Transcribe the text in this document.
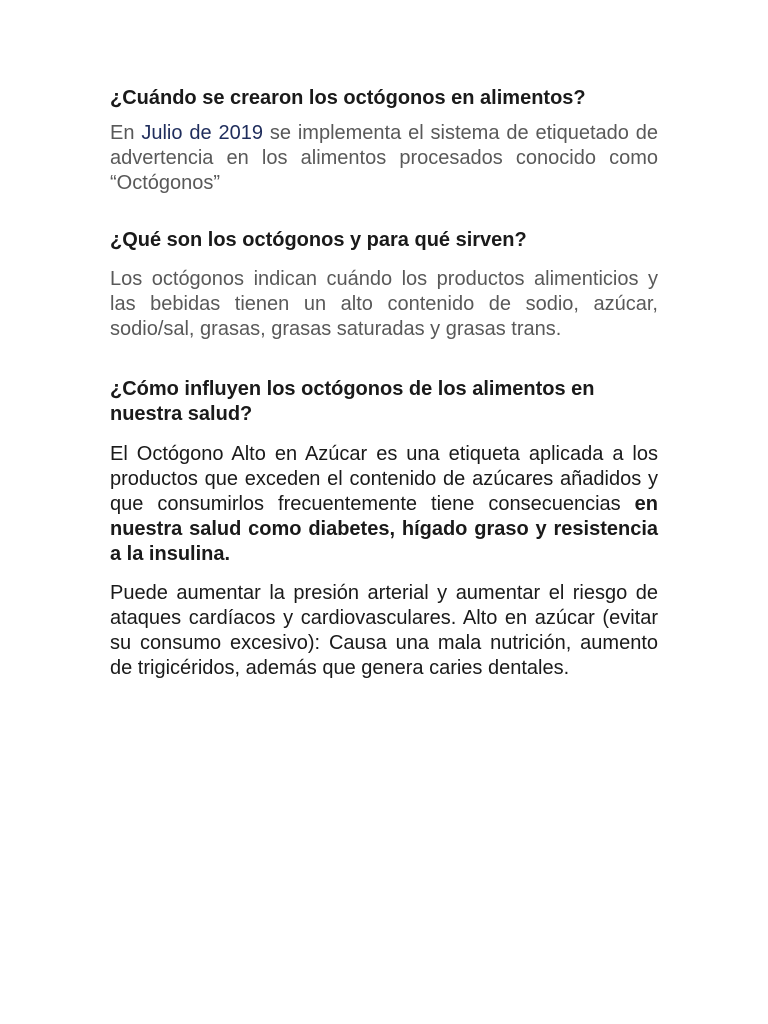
¿Cuándo se crearon los octógonos en alimentos?

En Julio de 2019 se implementa el sistema de etiquetado de advertencia en los alimentos procesados conocido como “Octógonos”

¿Qué son los octógonos y para qué sirven?

Los octógonos indican cuándo los productos alimenticios y las bebidas tienen un alto contenido de sodio, azúcar, sodio/sal, grasas, grasas saturadas y grasas trans.

¿Cómo influyen los octógonos de los alimentos en nuestra salud?

El Octógono Alto en Azúcar es una etiqueta aplicada a los productos que exceden el contenido de azúcares añadidos y que consumirlos frecuentemente tiene consecuencias en nuestra salud como diabetes, hígado graso y resistencia a la insulina.

Puede aumentar la presión arterial y aumentar el riesgo de ataques cardíacos y cardiovasculares. Alto en azúcar (evitar su consumo excesivo): Causa una mala nutrición, aumento de trigicéridos, además que genera caries dentales.
